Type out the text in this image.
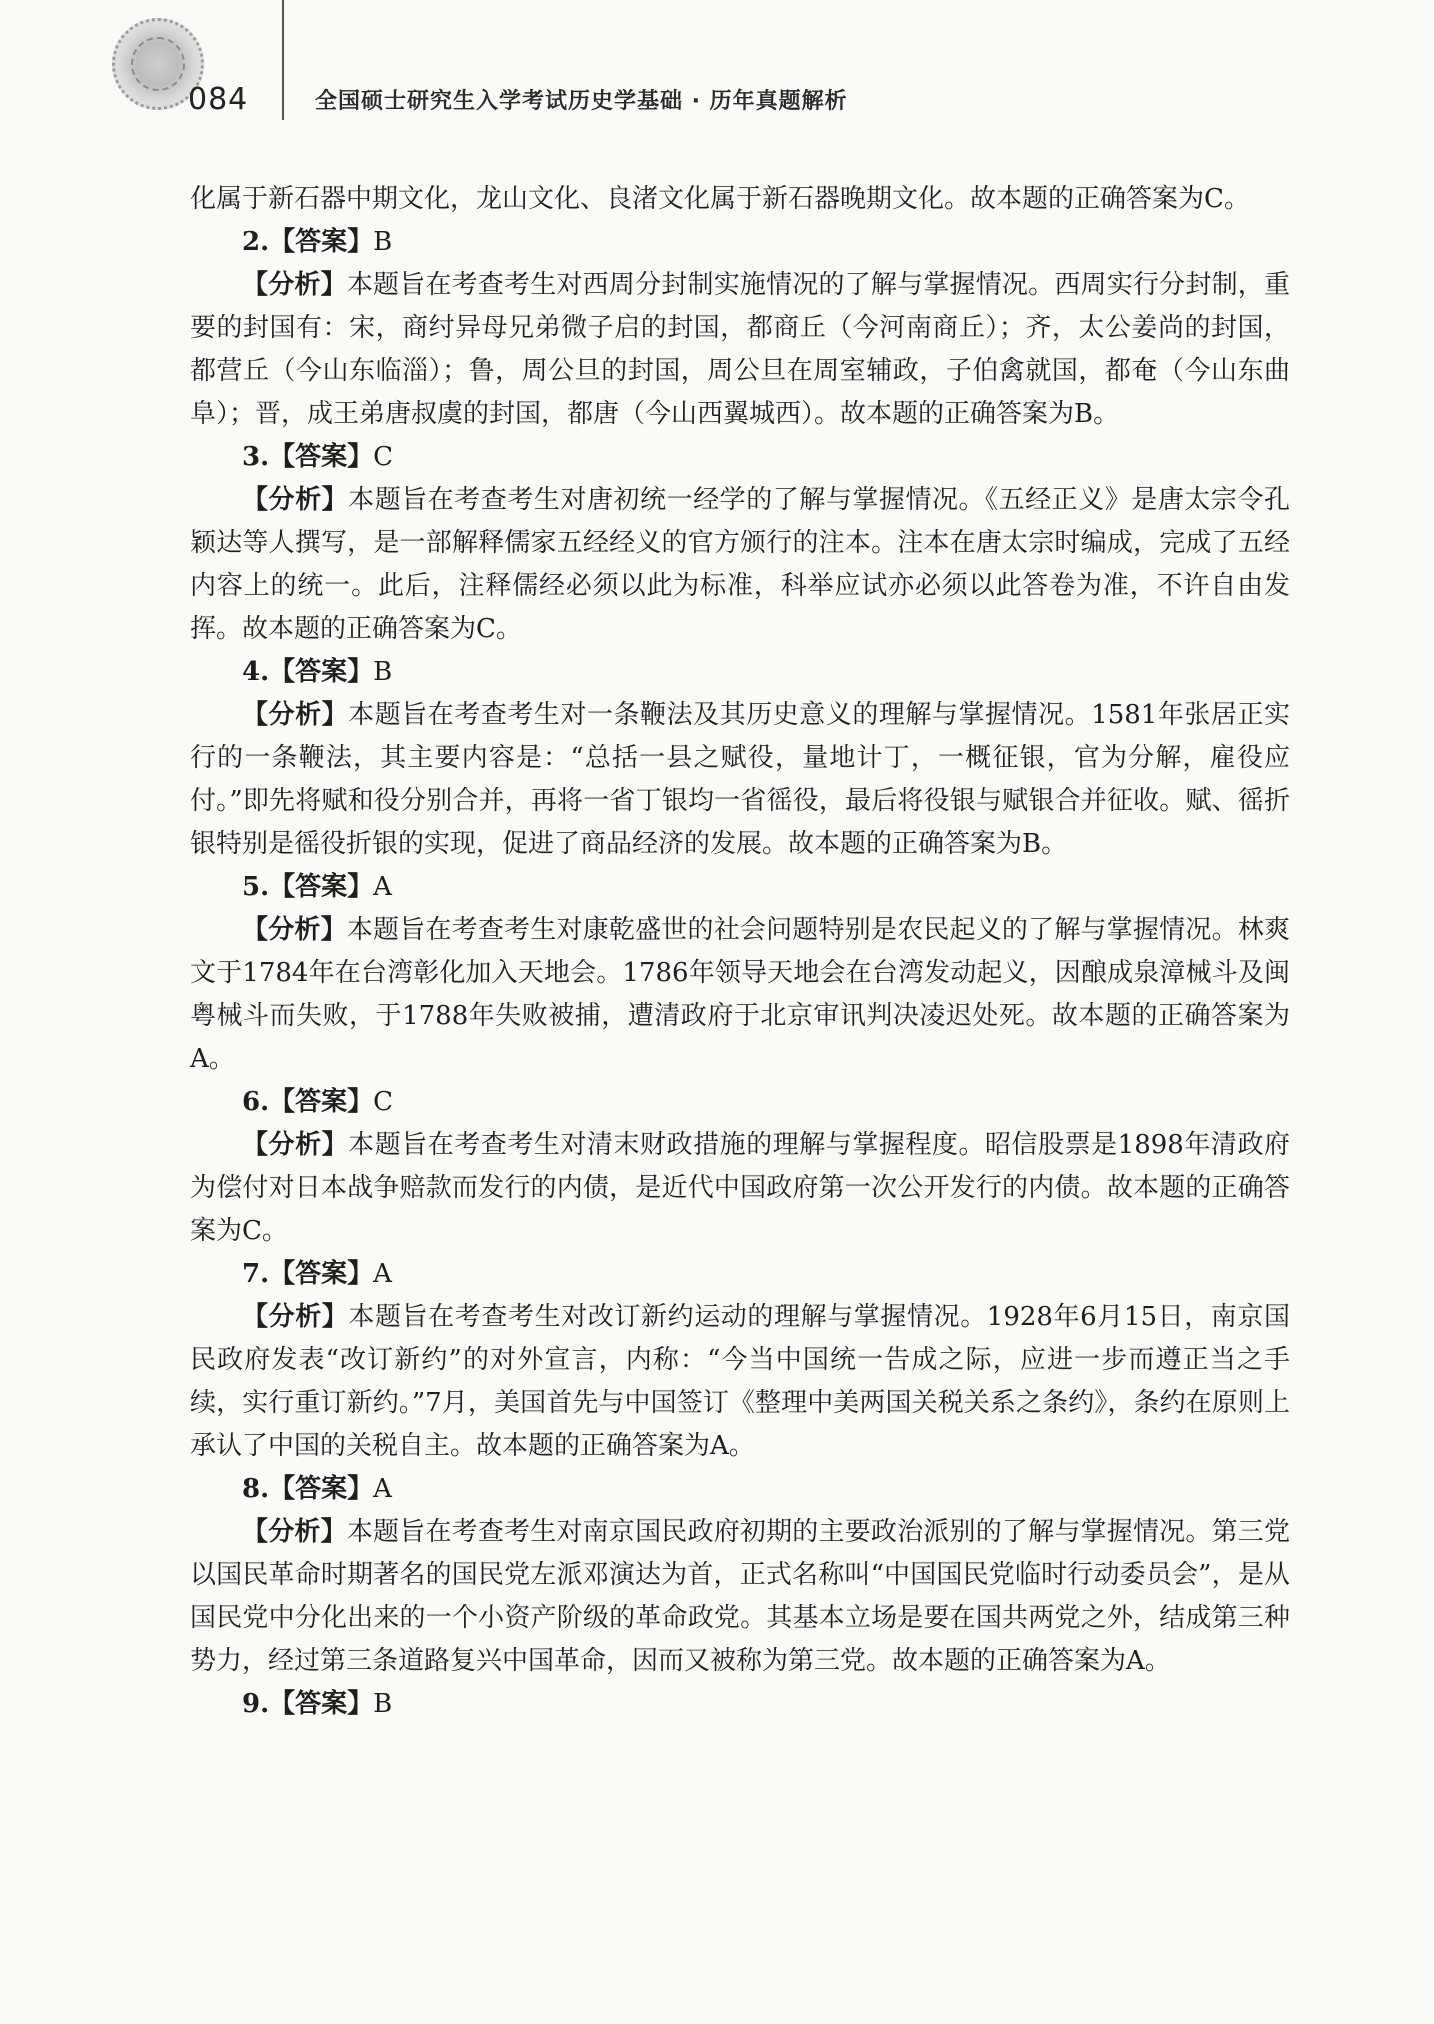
084	全国硕士研究生入学考试历史学基础 · 历年真题解析

化属于新石器中期文化，龙山文化、良渚文化属于新石器晚期文化。故本题的正确答案为C。

2.【答案】B

【分析】本题旨在考查考生对西周分封制实施情况的了解与掌握情况。西周实行分封制，重要的封国有：宋，商纣异母兄弟微子启的封国，都商丘（今河南商丘）；齐，太公姜尚的封国，都营丘（今山东临淄）；鲁，周公旦的封国，周公旦在周室辅政，子伯禽就国，都奄（今山东曲阜）；晋，成王弟唐叔虞的封国，都唐（今山西翼城西）。故本题的正确答案为B。

3.【答案】C

【分析】本题旨在考查考生对唐初统一经学的了解与掌握情况。《五经正义》是唐太宗令孔颖达等人撰写，是一部解释儒家五经经义的官方颁行的注本。注本在唐太宗时编成，完成了五经内容上的统一。此后，注释儒经必须以此为标准，科举应试亦必须以此答卷为准，不许自由发挥。故本题的正确答案为C。

4.【答案】B

【分析】本题旨在考查考生对一条鞭法及其历史意义的理解与掌握情况。1581年张居正实行的一条鞭法，其主要内容是：“总括一县之赋役，量地计丁，一概征银，官为分解，雇役应付。”即先将赋和役分别合并，再将一省丁银均一省徭役，最后将役银与赋银合并征收。赋、徭折银特别是徭役折银的实现，促进了商品经济的发展。故本题的正确答案为B。

5.【答案】A

【分析】本题旨在考查考生对康乾盛世的社会问题特别是农民起义的了解与掌握情况。林爽文于1784年在台湾彰化加入天地会。1786年领导天地会在台湾发动起义，因酿成泉漳械斗及闽粤械斗而失败，于1788年失败被捕，遭清政府于北京审讯判决凌迟处死。故本题的正确答案为A。

6.【答案】C

【分析】本题旨在考查考生对清末财政措施的理解与掌握程度。昭信股票是1898年清政府为偿付对日本战争赔款而发行的内债，是近代中国政府第一次公开发行的内债。故本题的正确答案为C。

7.【答案】A

【分析】本题旨在考查考生对改订新约运动的理解与掌握情况。1928年6月15日，南京国民政府发表“改订新约”的对外宣言，内称：“今当中国统一告成之际，应进一步而遵正当之手续，实行重订新约。”7月，美国首先与中国签订《整理中美两国关税关系之条约》，条约在原则上承认了中国的关税自主。故本题的正确答案为A。

8.【答案】A

【分析】本题旨在考查考生对南京国民政府初期的主要政治派别的了解与掌握情况。第三党以国民革命时期著名的国民党左派邓演达为首，正式名称叫“中国国民党临时行动委员会”，是从国民党中分化出来的一个小资产阶级的革命政党。其基本立场是要在国共两党之外，结成第三种势力，经过第三条道路复兴中国革命，因而又被称为第三党。故本题的正确答案为A。

9.【答案】B
